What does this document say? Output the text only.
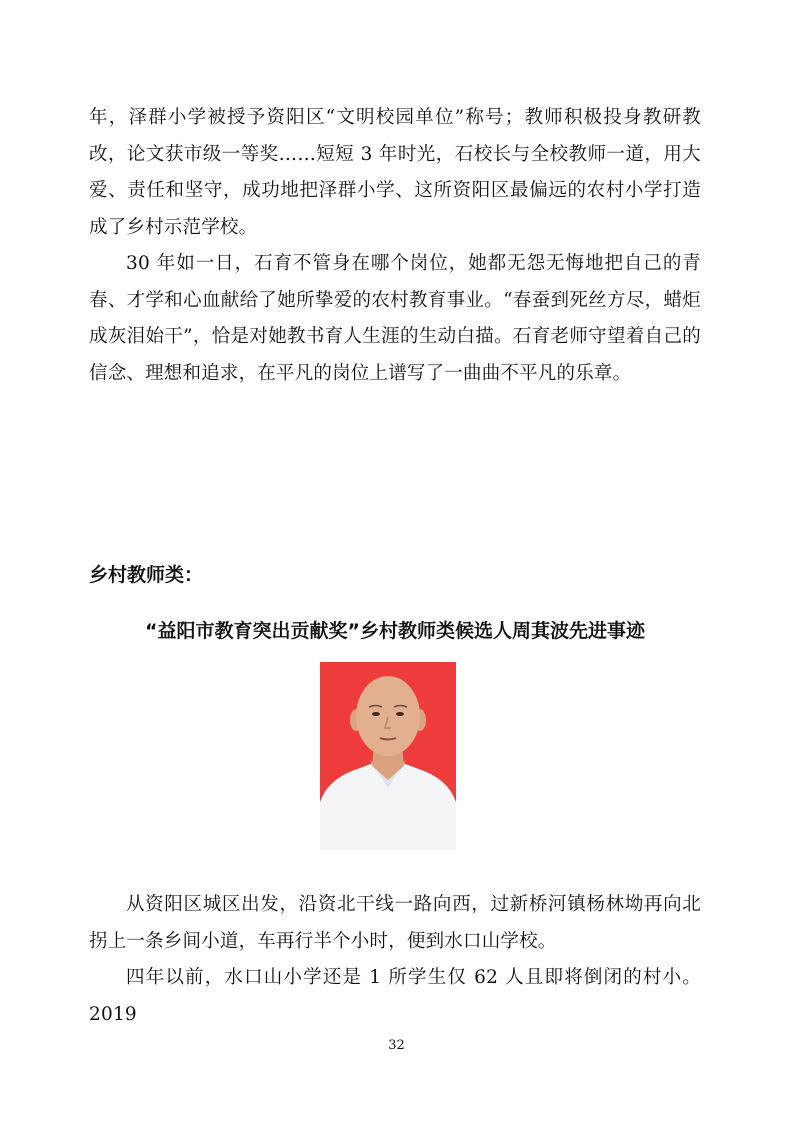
年，泽群小学被授予资阳区“文明校园单位”称号；教师积极投身教研教改，论文获市级一等奖……短短 3 年时光，石校长与全校教师一道，用大爱、责任和坚守，成功地把泽群小学、这所资阳区最偏远的农村小学打造成了乡村示范学校。

30 年如一日，石育不管身在哪个岗位，她都无怨无悔地把自己的青春、才学和心血献给了她所挚爱的农村教育事业。“春蚕到死丝方尽，蜡炬成灰泪始干”，恰是对她教书育人生涯的生动白描。石育老师守望着自己的信念、理想和追求，在平凡的岗位上谱写了一曲曲不平凡的乐章。

乡村教师类：
“益阳市教育突出贡献奖”乡村教师类候选人周萁波先进事迹

从资阳区城区出发，沿资北干线一路向西，过新桥河镇杨林坳再向北拐上一条乡间小道，车再行半个小时，便到水口山学校。

四年以前，水口山小学还是 1 所学生仅 62 人且即将倒闭的村小。2019

32
